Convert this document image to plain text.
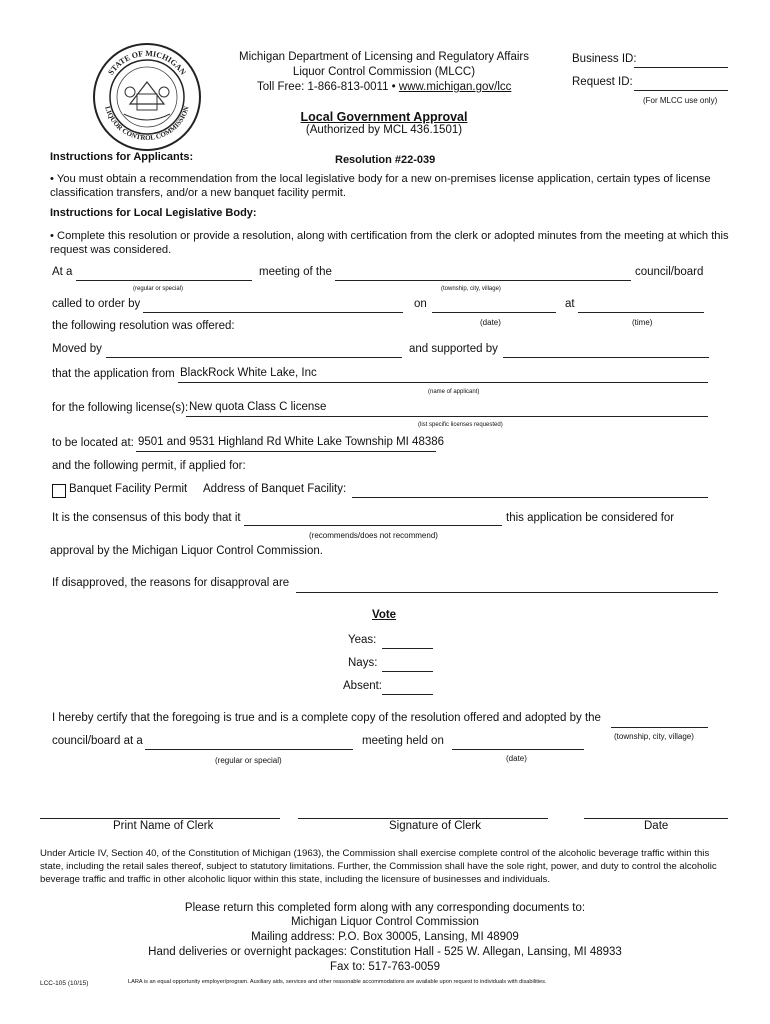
STATE OF MICHIGAN
LIQUOR CONTROL COMMISSION
Michigan Department of Licensing and Regulatory Affairs
Liquor Control Commission (MLCC)
Toll Free: 1-866-813-0011 • www.michigan.gov/lcc
Business ID:
Request ID:
(For MLCC use only)
Local Government Approval
(Authorized by MCL 436.1501)
Instructions for Applicants:	Resolution #22-039
• You must obtain a recommendation from the local legislative body for a new on-premises license application, certain types of license classification transfers, and/or a new banquet facility permit.
Instructions for Local Legislative Body:
• Complete this resolution or provide a resolution, along with certification from the clerk or adopted minutes from the meeting at which this request was considered.
At a
(regular or special)
meeting of the
(township, city, village)
council/board
called to order by	on	at
(date)	(time)
the following resolution was offered:
Moved by	and supported by
that the application from BlackRock White Lake, Inc
(name of applicant)
for the following license(s): New quota Class C license
(list specific licenses requested)
to be located at: 9501 and 9531 Highland Rd White Lake Township MI 48386
and the following permit, if applied for:
Banquet Facility Permit Address of Banquet Facility:
It is the consensus of this body that it	this application be considered for
(recommends/does not recommend)
approval by the Michigan Liquor Control Commission.
If disapproved, the reasons for disapproval are
Vote
Yeas:
Nays:
Absent:
I hereby certify that the foregoing is true and is a complete copy of the resolution offered and adopted by the
(township, city, village)
council/board at a	meeting held on
(regular or special)	(date)
Print Name of Clerk	Signature of Clerk	Date
Under Article IV, Section 40, of the Constitution of Michigan (1963), the Commission shall exercise complete control of the alcoholic beverage traffic within this state, including the retail sales thereof, subject to statutory limitations. Further, the Commission shall have the sole right, power, and duty to control the alcoholic beverage traffic and traffic in other alcoholic liquor within this state, including the licensure of businesses and individuals.
Please return this completed form along with any corresponding documents to:
Michigan Liquor Control Commission
Mailing address: P.O. Box 30005, Lansing, MI 48909
Hand deliveries or overnight packages: Constitution Hall - 525 W. Allegan, Lansing, MI 48933
Fax to: 517-763-0059
LCC-105 (10/15)	LARA is an equal opportunity employer/program. Auxiliary aids, services and other reasonable accommodations are available upon request to individuals with disabilities.
